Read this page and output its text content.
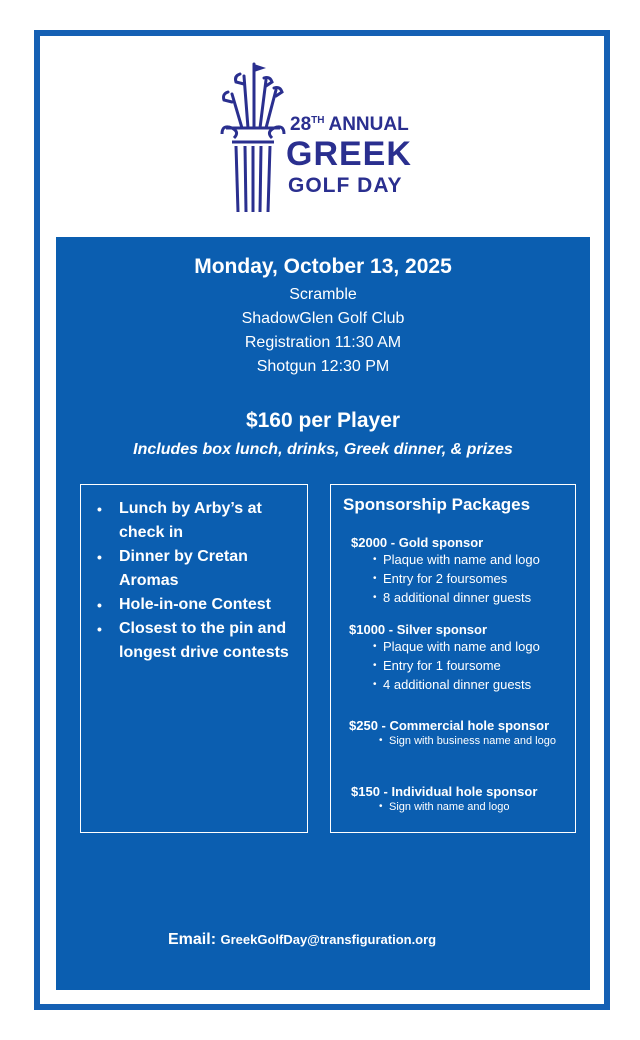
28TH ANNUAL
GREEK
GOLF DAY
Monday, October 13, 2025
Scramble
ShadowGlen Golf Club
Registration 11:30 AM
Shotgun 12:30 PM
$160 per Player
Includes box lunch, drinks, Greek dinner, & prizes
• Lunch by Arby’s at check in
• Dinner by Cretan Aromas
• Hole-in-one Contest
• Closest to the pin and longest drive contests
Sponsorship Packages
$2000 - Gold sponsor
• Plaque with name and logo
• Entry for 2 foursomes
• 8 additional dinner guests
$1000 - Silver sponsor
• Plaque with name and logo
• Entry for 1 foursome
• 4 additional dinner guests
$250 - Commercial hole sponsor
• Sign with business name and logo
$150 - Individual hole sponsor
• Sign with name and logo
Email: GreekGolfDay@transfiguration.org
